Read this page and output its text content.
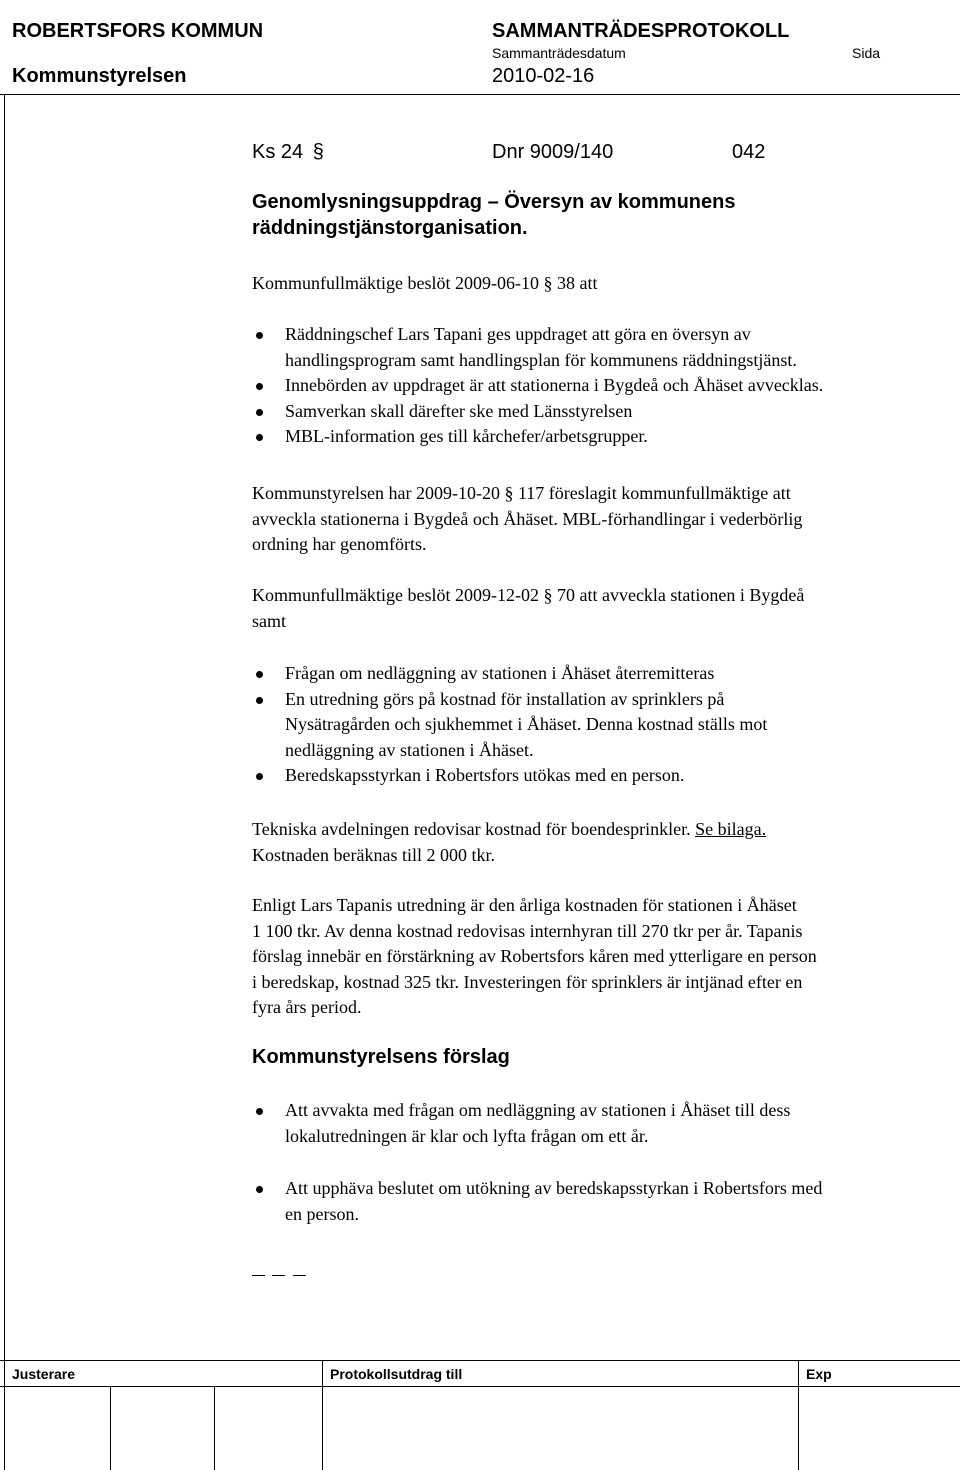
ROBERTSFORS KOMMUN	SAMMANTRÄDESPROTOKOLL
Sammanträdesdatum	Sida
Kommunstyrelsen	2010-02-16
Ks 24 §	Dnr 9009/140	042
Genomlysningsuppdrag – Översyn av kommunens
räddningstjänstorganisation.
Kommunfullmäktige beslöt 2009-06-10 § 38 att
Räddningschef Lars Tapani ges uppdraget att göra en översyn av
handlingsprogram samt handlingsplan för kommunens räddningstjänst.
Innebörden av uppdraget är att stationerna i Bygdeå och Åhäset avvecklas.
Samverkan skall därefter ske med Länsstyrelsen
MBL-information ges till kårchefer/arbetsgrupper.
Kommunstyrelsen har 2009-10-20 § 117 föreslagit kommunfullmäktige att
avveckla stationerna i Bygdeå och Åhäset. MBL-förhandlingar i vederbörlig
ordning har genomförts.
Kommunfullmäktige beslöt 2009-12-02 § 70 att avveckla stationen i Bygdeå
samt
Frågan om nedläggning av stationen i Åhäset återremitteras
En utredning görs på kostnad för installation av sprinklers på
Nysätragården och sjukhemmet i Åhäset. Denna kostnad ställs mot
nedläggning av stationen i Åhäset.
Beredskapsstyrkan i Robertsfors utökas med en person.
Tekniska avdelningen redovisar kostnad för boendesprinkler. Se bilaga.
Kostnaden beräknas till 2 000 tkr.
Enligt Lars Tapanis utredning är den årliga kostnaden för stationen i Åhäset
1 100 tkr. Av denna kostnad redovisas internhyran till 270 tkr per år. Tapanis
förslag innebär en förstärkning av Robertsfors kåren med ytterligare en person
i beredskap, kostnad 325 tkr. Investeringen för sprinklers är intjänad efter en
fyra års period.
Kommunstyrelsens förslag
Att avvakta med frågan om nedläggning av stationen i Åhäset till dess
lokalutredningen är klar och lyfta frågan om ett år.
Att upphäva beslutet om utökning av beredskapsstyrkan i Robertsfors med
en person.
Justerare	Protokollsutdrag till	Exp
